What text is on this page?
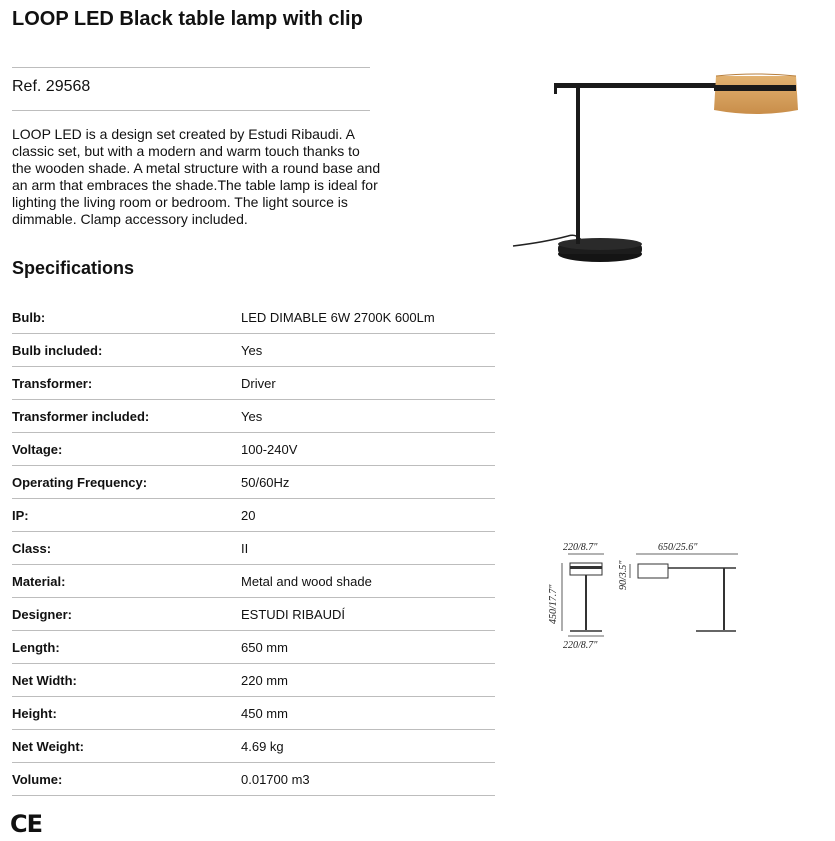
LOOP LED Black table lamp with clip

Ref. 29568

LOOP LED is a design set created by Estudi Ribaudi. A classic set, but with a modern and warm touch thanks to the wooden shade. A metal structure with a round base and an arm that embraces the shade.The table lamp is ideal for lighting the living room or bedroom. The light source is dimmable. Clamp accessory included.

Specifications
Bulb:	LED DIMABLE 6W 2700K 600Lm
Bulb included:	Yes
Transformer:	Driver
Transformer included:	Yes
Voltage:	100-240V
Operating Frequency:	50/60Hz
IP:	20
Class:	II
Material:	Metal and wood shade
Designer:	ESTUDI RIBAUDÍ
Length:	650 mm
Net Width:	220 mm
Height:	450 mm
Net Weight:	4.69 kg
Volume:	0.01700 m3
220/8.7"
450/17.7"
220/8.7"
650/25.6"
90/3.5"
CE
